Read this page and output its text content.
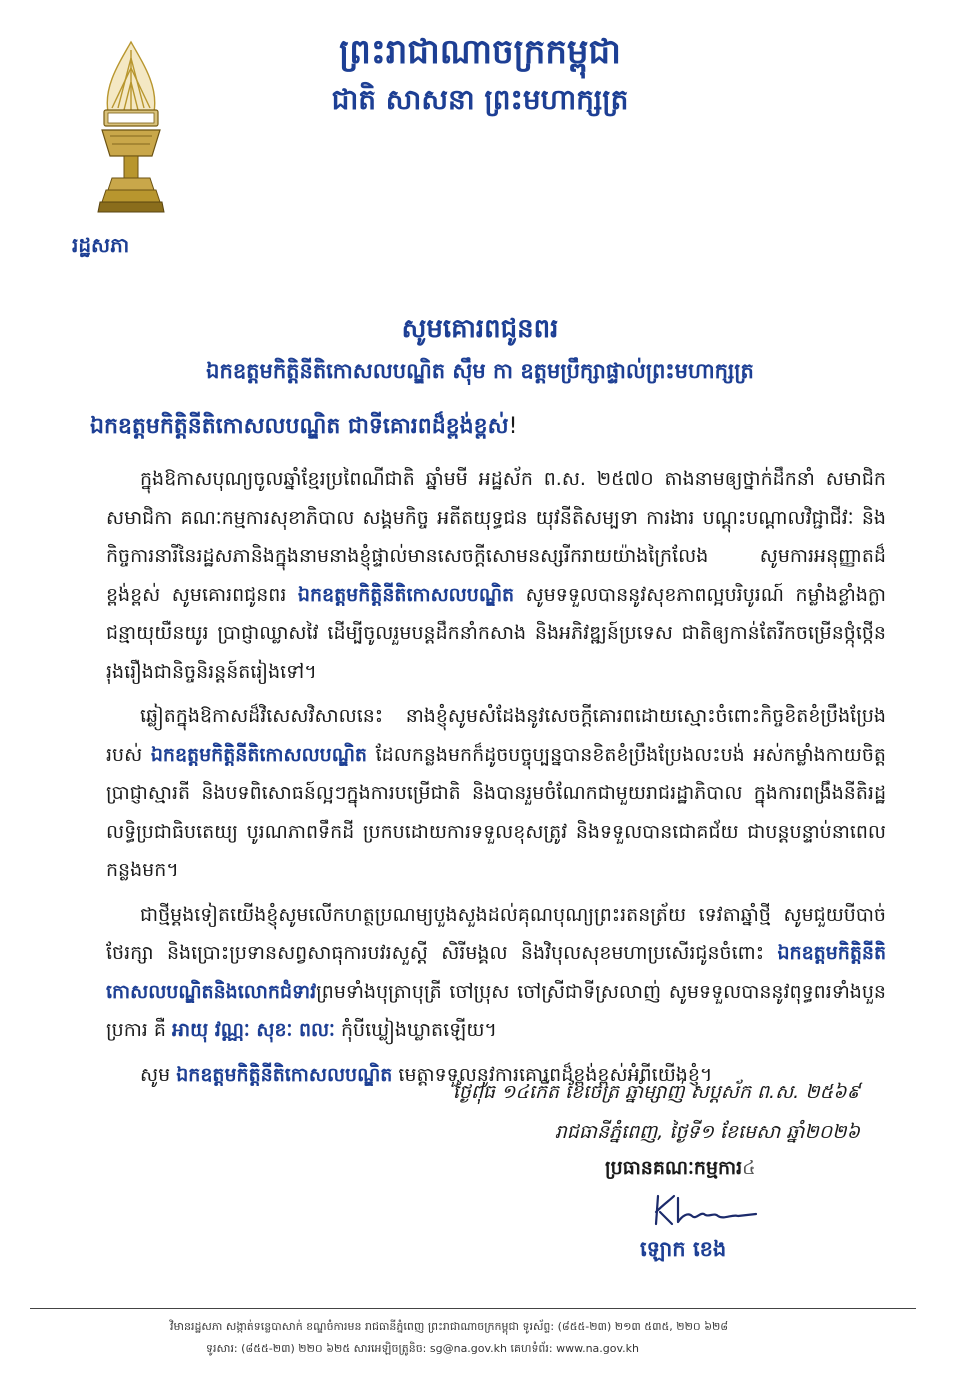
ព្រះរាជាណាចក្រកម្ពុជា
ជាតិ សាសនា ព្រះមហាក្សត្រ
រដ្ឋសភា
សូមគោរពជូនពរ
ឯកឧត្តមកិត្តិនីតិកោសលបណ្ឌិត ស៊ឹម កា ឧត្តមប្រឹក្សាផ្ទាល់ព្រះមហាក្សត្រ
ឯកឧត្តមកិត្តិនីតិកោសលបណ្ឌិត ជាទីគោរពដ៏ខ្ពង់ខ្ពស់!

ក្នុងឱកាសបុណ្យចូលឆ្នាំខ្មែរប្រពៃណីជាតិ ឆ្នាំមមី អដ្ឋស័ក ព.ស. ២៥៧០ តាងនាមឲ្យថ្នាក់ដឹកនាំ សមាជិក សមាជិកា គណៈកម្មការសុខាភិបាល សង្គមកិច្ច អតីតយុទ្ធជន យុវនីតិសម្បទា ការងារ បណ្ដុះបណ្ដាលវិជ្ជាជីវៈ និងកិច្ចការនារីនៃរដ្ឋសភានិងក្នុងនាមនាងខ្ញុំផ្ទាល់មានសេចក្ដីសោមនស្សរីករាយយ៉ាងក្រៃលែង សូមការអនុញ្ញាតដ៏ខ្ពង់ខ្ពស់ សូមគោរពជូនពរ ឯកឧត្តមកិត្តិនីតិកោសលបណ្ឌិត សូមទទួលបាននូវសុខភាពល្អបរិបូរណ៍ កម្លាំងខ្លាំងក្លា ជន្មាយុយឺនយូរ ប្រាជ្ញាឈ្លាសវៃ ដើម្បីចូលរួមបន្តដឹកនាំកសាង និងអភិវឌ្ឍន៍ប្រទេស ជាតិឲ្យកាន់តែរីកចម្រើនថ្កុំថ្កើនរុងរឿងជានិច្ចនិរន្តន៍តរៀងទៅ។

ឆ្លៀតក្នុងឱកាសដ៏វិសេសវិសាលនេះ នាងខ្ញុំសូមសំដែងនូវសេចក្ដីគោរពដោយស្មោះចំពោះកិច្ចខិតខំប្រឹងប្រែងរបស់ ឯកឧត្តមកិត្តិនីតិកោសលបណ្ឌិត ដែលកន្លងមកក៏ដូចបច្ចុប្បន្នបានខិតខំប្រឹងប្រែងលះបង់ អស់កម្លាំងកាយចិត្ត ប្រាជ្ញាស្មារតី និងបទពិសោធន៍ល្អៗក្នុងការបម្រើជាតិ និងបានរួមចំណែកជាមួយរាជរដ្ឋាភិបាល ក្នុងការពង្រឹងនីតិរដ្ឋ លទ្ធិប្រជាធិបតេយ្យ បូរណភាពទឹកដី ប្រកបដោយការទទួលខុសត្រូវ និងទទួលបានជោគជ័យ ជាបន្តបន្ទាប់នាពេលកន្លងមក។

ជាថ្មីម្ដងទៀតយើងខ្ញុំសូមលើកហត្ថប្រណម្យបួងសួងដល់គុណបុណ្យព្រះរតនត្រ័យ ទេវតាឆ្នាំថ្មី សូមជួយបីបាច់ថែរក្សា និងប្រោះប្រទានសព្វសាធុការបវរសួស្ដី សិរីមង្គល និងវិបុលសុខមហាប្រសើរជូនចំពោះ ឯកឧត្តមកិត្តិនីតិកោសលបណ្ឌិតនិងលោកជំទាវព្រមទាំងបុត្រាបុត្រី ចៅប្រុស ចៅស្រីជាទីស្រលាញ់ សូមទទួលបាននូវពុទ្ធពរទាំងបួនប្រការ គឺ អាយុ វណ្ណៈ សុខៈ ពលៈ កុំបីឃ្លៀងឃ្លាតឡើយ។

សូម ឯកឧត្តមកិត្តិនីតិកោសលបណ្ឌិត មេត្តាទទួលនូវការគោរពដ៏ខ្ពង់ខ្ពស់អំពីយើងខ្ញុំ។

ថ្ងៃពុធ ១៤កើត ខែចេត្រ ឆ្នាំម្សាញ់ សប្តស័ក ព.ស. ២៥៦៩
រាជធានីភ្នំពេញ, ថ្ងៃទី១ ខែមេសា ឆ្នាំ២០២៦
ប្រធានគណៈកម្មការ៤
ឡោក ខេង
វិមានរដ្ឋសភា សង្កាត់ទន្លេបាសាក់ ខណ្ឌចំការមន រាជធានីភ្នំពេញ ព្រះរាជាណាចក្រកម្ពុជា ទូរស័ព្ទ: (៨៥៥-២៣) ២១៣ ៥៣៥, ២២០ ៦២៨
ទូរសារ: (៨៥៥-២៣) ២២០ ៦២៥ សារអេឡិចត្រូនិច: sg@na.gov.kh គេហទំព័រ: www.na.gov.kh
